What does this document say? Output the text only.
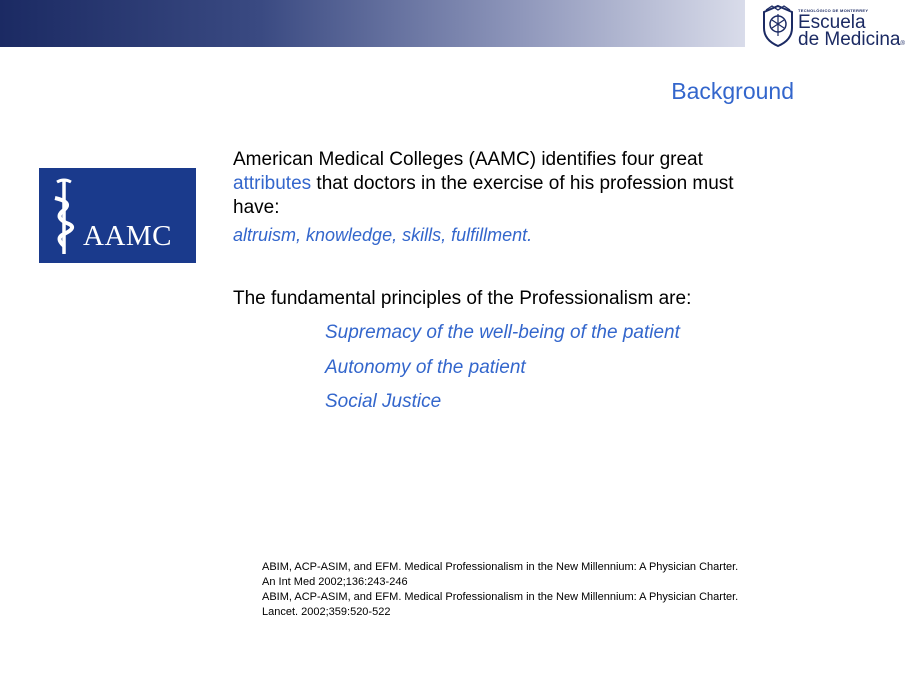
TECNOLÓGICO DE MONTERREY
Escuela
de Medicina®
Background
AAMC
American Medical Colleges (AAMC) identifies four great attributes that doctors in the exercise of his profession must have:
altruism, knowledge, skills, fulfillment.
The fundamental principles of the Professionalism are:
Supremacy of the well-being of the patient
Autonomy of the patient
Social Justice
ABIM, ACP-ASIM, and EFM. Medical Professionalism in the New Millennium: A Physician Charter.
An Int Med 2002;136:243-246
ABIM, ACP-ASIM, and EFM. Medical Professionalism in the New Millennium: A Physician Charter.
Lancet. 2002;359:520-522
